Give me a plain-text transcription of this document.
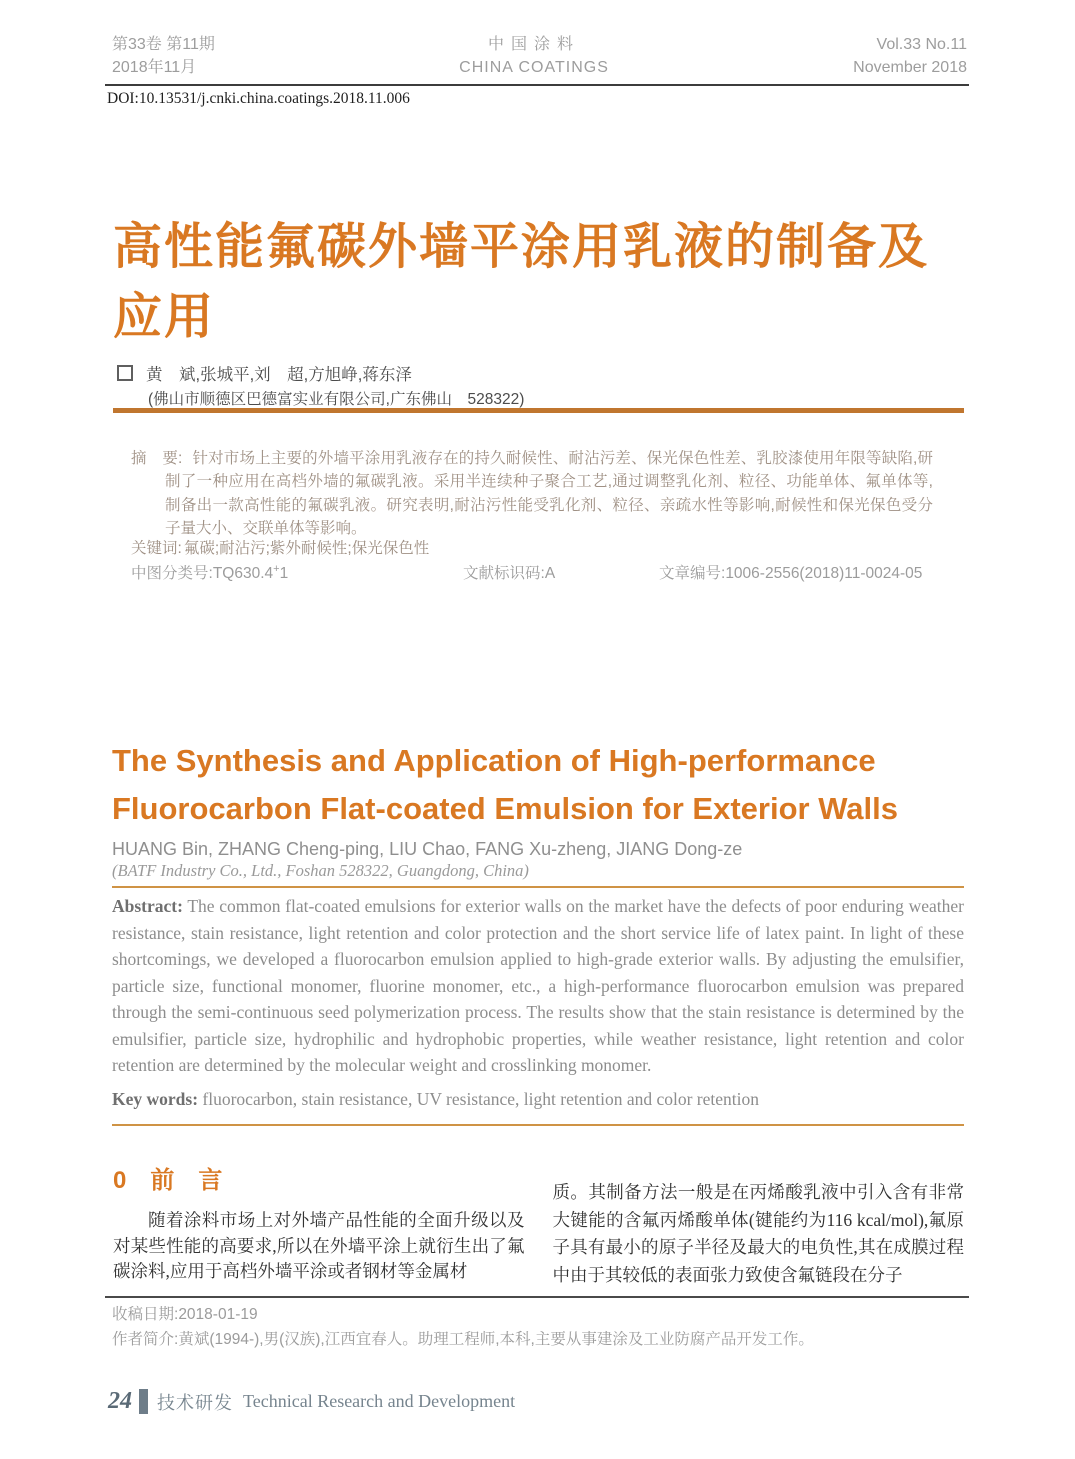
第33卷 第11期
2018年11月
中国涂料
CHINA COATINGS
Vol.33 No.11
November 2018
DOI:10.13531/j.cnki.china.coatings.2018.11.006
高性能氟碳外墙平涂用乳液的制备及
应用
黄　斌,张城平,刘　超,方旭峥,蒋东泽
(佛山市顺德区巴德富实业有限公司,广东佛山　528322)

摘　要: 针对市场上主要的外墙平涂用乳液存在的持久耐候性、耐沾污差、保光保色性差、乳胶漆使用年限等缺陷,研制了一种应用在高档外墙的氟碳乳液。采用半连续种子聚合工艺,通过调整乳化剂、粒径、功能单体、氟单体等,制备出一款高性能的氟碳乳液。研究表明,耐沾污性能受乳化剂、粒径、亲疏水性等影响,耐候性和保光保色受分子量大小、交联单体等影响。

关键词: 氟碳;耐沾污;紫外耐候性;保光保色性
中图分类号:TQ630.4+1	文献标识码:A	文章编号:1006-2556(2018)11-0024-05
The Synthesis and Application of High-performance
Fluorocarbon Flat-coated Emulsion for Exterior Walls
HUANG Bin, ZHANG Cheng-ping, LIU Chao, FANG Xu-zheng, JIANG Dong-ze
(BATF Industry Co., Ltd., Foshan 528322, Guangdong, China)

Abstract: The common flat-coated emulsions for exterior walls on the market have the defects of poor enduring weather resistance, stain resistance, light retention and color protection and the short service life of latex paint. In light of these shortcomings, we developed a fluorocarbon emulsion applied to high-grade exterior walls. By adjusting the emulsifier, particle size, functional monomer, fluorine monomer, etc., a high-performance fluorocarbon emulsion was prepared through the semi-continuous seed polymerization process. The results show that the stain resistance is determined by the emulsifier, particle size, hydrophilic and hydrophobic properties, while weather resistance, light retention and color retention are determined by the molecular weight and crosslinking monomer.

Key words: fluorocarbon, stain resistance, UV resistance, light retention and color retention

0　前　言

随着涂料市场上对外墙产品性能的全面升级以及对某些性能的高要求,所以在外墙平涂上就衍生出了氟碳涂料,应用于高档外墙平涂或者钢材等金属材

质。其制备方法一般是在丙烯酸乳液中引入含有非常大键能的含氟丙烯酸单体(键能约为116 kcal/mol),氟原子具有最小的原子半径及最大的电负性,其在成膜过程中由于其较低的表面张力致使含氟链段在分子

收稿日期:2018-01-19
作者简介:黄斌(1994-),男(汉族),江西宜春人。助理工程师,本科,主要从事建涂及工业防腐产品开发工作。
24 技术研发 Technical Research and Development
